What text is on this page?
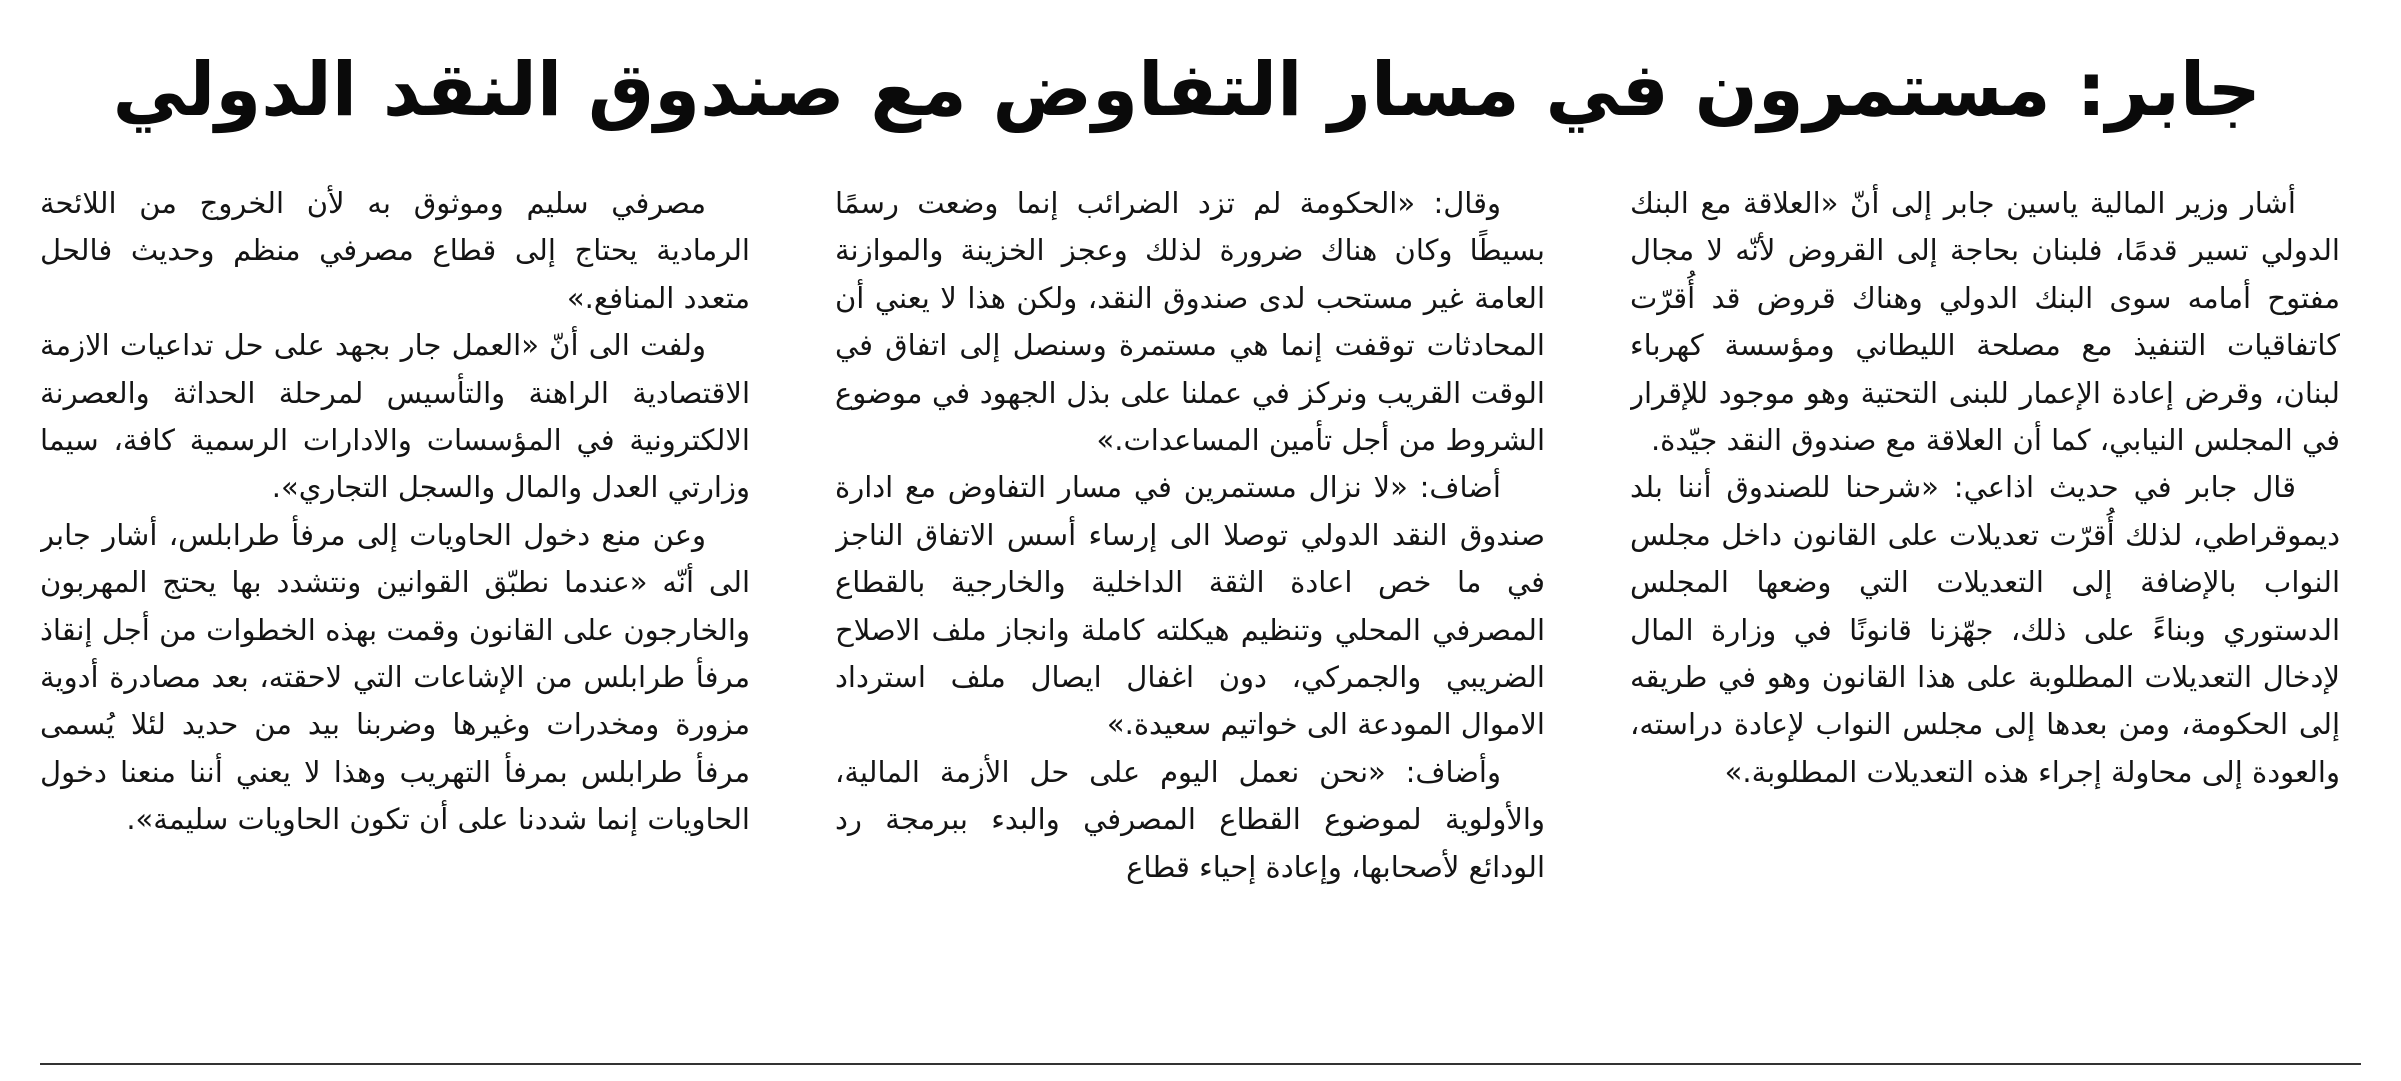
جابر: مستمرون في مسار التفاوض مع صندوق النقد الدولي

أشار وزير المالية ياسين جابر إلى أنّ «العلاقة مع البنك الدولي تسير قدمًا، فلبنان بحاجة إلى القروض لأنّه لا مجال مفتوح أمامه سوى البنك الدولي وهناك قروض قد أُقرّت كاتفاقيات التنفيذ مع مصلحة الليطاني ومؤسسة كهرباء لبنان، وقرض إعادة الإعمار للبنى التحتية وهو موجود للإقرار في المجلس النيابي، كما أن العلاقة مع صندوق النقد جيّدة.

قال جابر في حديث اذاعي: «شرحنا للصندوق أننا بلد ديموقراطي، لذلك أُقرّت تعديلات على القانون داخل مجلس النواب بالإضافة إلى التعديلات التي وضعها المجلس الدستوري وبناءً على ذلك، جهّزنا قانونًا في وزارة المال لإدخال التعديلات المطلوبة على هذا القانون وهو في طريقه إلى الحكومة، ومن بعدها إلى مجلس النواب لإعادة دراسته، والعودة إلى محاولة إجراء هذه التعديلات المطلوبة.»

وقال: «الحكومة لم تزد الضرائب إنما وضعت رسمًا بسيطًا وكان هناك ضرورة لذلك وعجز الخزينة والموازنة العامة غير مستحب لدى صندوق النقد، ولكن هذا لا يعني أن المحادثات توقفت إنما هي مستمرة وسنصل إلى اتفاق في الوقت القريب ونركز في عملنا على بذل الجهود في موضوع الشروط من أجل تأمين المساعدات.»

أضاف: «لا نزال مستمرين في مسار التفاوض مع ادارة صندوق النقد الدولي توصلا الى إرساء أسس الاتفاق الناجز في ما خص اعادة الثقة الداخلية والخارجية بالقطاع المصرفي المحلي وتنظيم هيكلته كاملة وانجاز ملف الاصلاح الضريبي والجمركي، دون اغفال ايصال ملف استرداد الاموال المودعة الى خواتيم سعيدة.»

وأضاف: «نحن نعمل اليوم على حل الأزمة المالية، والأولوية لموضوع القطاع المصرفي والبدء ببرمجة رد الودائع لأصحابها، وإعادة إحياء قطاع

مصرفي سليم وموثوق به لأن الخروج من اللائحة الرمادية يحتاج إلى قطاع مصرفي منظم وحديث فالحل متعدد المنافع.»

ولفت الى أنّ «العمل جار بجهد على حل تداعيات الازمة الاقتصادية الراهنة والتأسيس لمرحلة الحداثة والعصرنة الالكترونية في المؤسسات والادارات الرسمية كافة، سيما وزارتي العدل والمال والسجل التجاري».

وعن منع دخول الحاويات إلى مرفأ طرابلس، أشار جابر الى أنّه «عندما نطبّق القوانين ونتشدد بها يحتج المهربون والخارجون على القانون وقمت بهذه الخطوات من أجل إنقاذ مرفأ طرابلس من الإشاعات التي لاحقته، بعد مصادرة أدوية مزورة ومخدرات وغيرها وضربنا بيد من حديد لئلا يُسمى مرفأ طرابلس بمرفأ التهريب وهذا لا يعني أننا منعنا دخول الحاويات إنما شددنا على أن تكون الحاويات سليمة».
